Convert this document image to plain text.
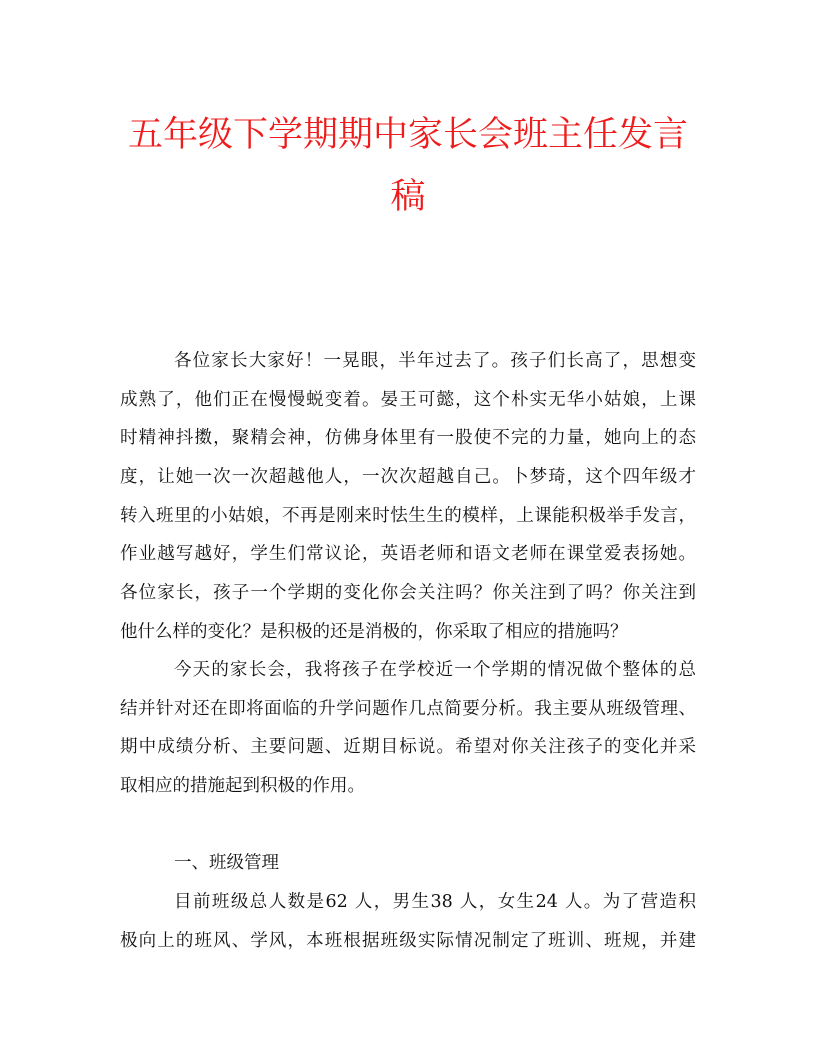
五年级下学期期中家长会班主任发言
稿
各位家长大家好！一晃眼，半年过去了。孩子们长高了，思想变
成熟了，他们正在慢慢蜕变着。晏王可懿，这个朴实无华小姑娘，上课
时精神抖擞，聚精会神，仿佛身体里有一股使不完的力量，她向上的态
度，让她一次一次超越他人，一次次超越自己。卜梦琦，这个四年级才
转入班里的小姑娘，不再是刚来时怯生生的模样，上课能积极举手发言，
作业越写越好，学生们常议论，英语老师和语文老师在课堂爱表扬她。
各位家长，孩子一个学期的变化你会关注吗？你关注到了吗？你关注到
他什么样的变化？是积极的还是消极的，你采取了相应的措施吗？
今天的家长会，我将孩子在学校近一个学期的情况做个整体的总
结并针对还在即将面临的升学问题作几点简要分析。我主要从班级管理、
期中成绩分析、主要问题、近期目标说。希望对你关注孩子的变化并采
取相应的措施起到积极的作用。
一、班级管理
目前班级总人数是62 人，男生38 人，女生24 人。为了营造积
极向上的班风、学风，本班根据班级实际情况制定了班训、班规，并建
